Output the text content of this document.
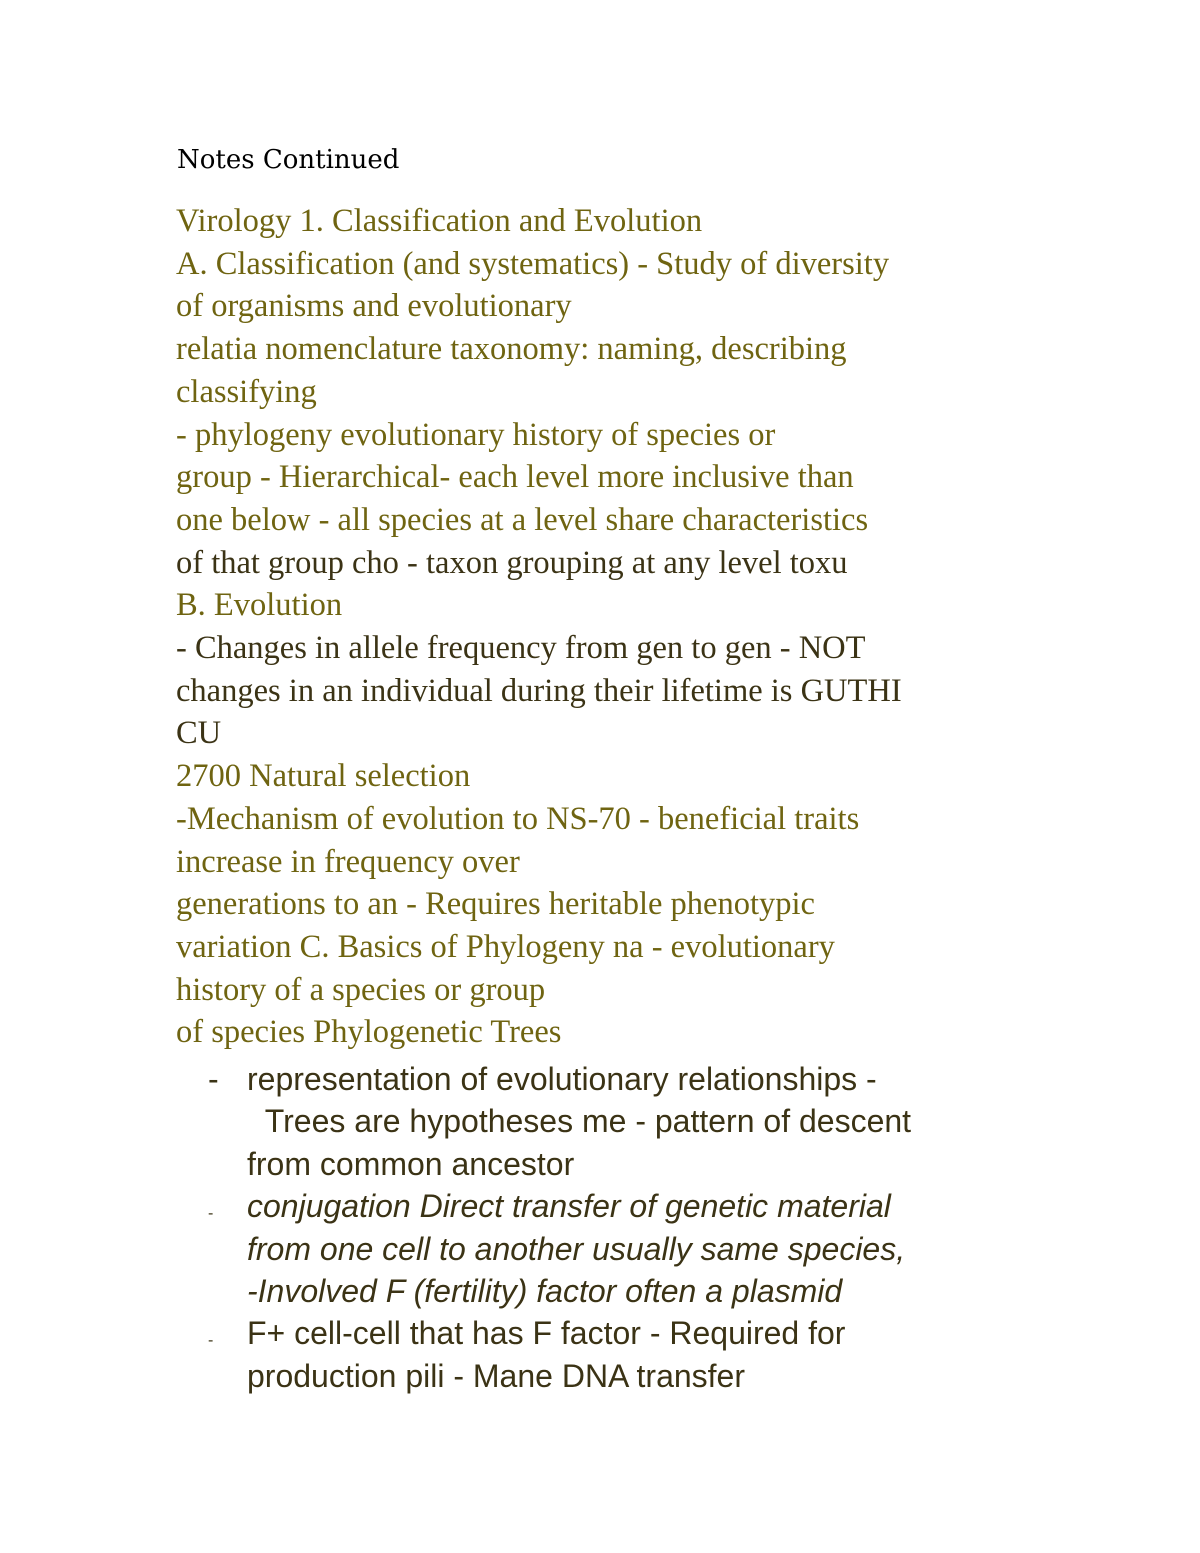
Notes Continued
Virology 1. Classification and Evolution
A. Classification (and systematics) - Study of diversity
of organisms and evolutionary
relatia nomenclature taxonomy: naming, describing
classifying
- phylogeny evolutionary history of species or
group - Hierarchical- each level more inclusive than
one below - all species at a level share characteristics
of that group cho - taxon grouping at any level toxu
B. Evolution
- Changes in allele frequency from gen to gen - NOT
changes in an individual during their lifetime is GUTHI
CU
2700 Natural selection
-Mechanism of evolution to NS-70 - beneficial traits
increase in frequency over
generations to an - Requires heritable phenotypic
variation C. Basics of Phylogeny na - evolutionary
history of a species or group
of species Phylogenetic Trees
- representation of evolutionary relationships -
Trees are hypotheses me - pattern of descent
from common ancestor
- conjugation Direct transfer of genetic material
from one cell to another usually same species,
-Involved F (fertility) factor often a plasmid
- F+ cell-cell that has F factor - Required for
production pili - Mane DNA transfer
